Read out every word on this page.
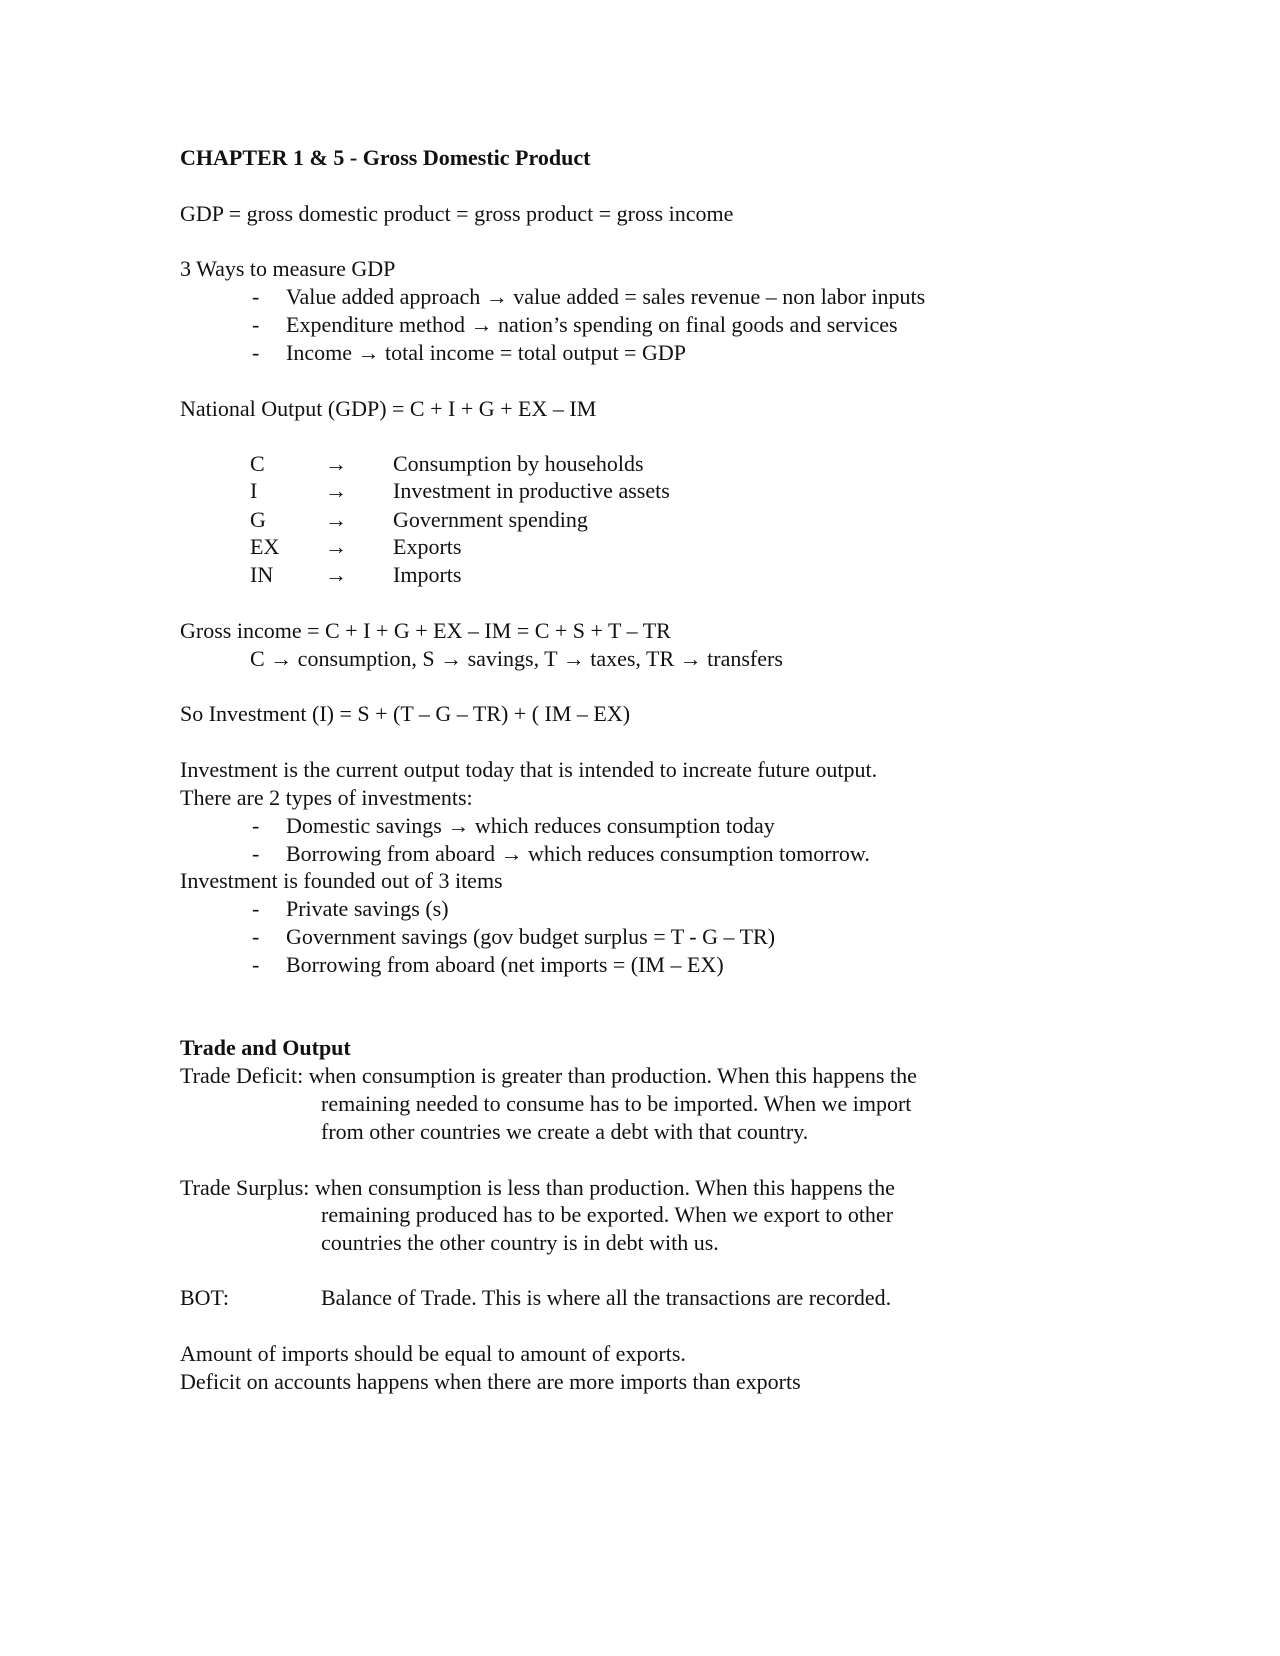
CHAPTER 1 & 5 - Gross Domestic Product
GDP = gross domestic product = gross product = gross income
3 Ways to measure GDP
- Value added approach → value added = sales revenue – non labor inputs
- Expenditure method → nation’s spending on final goods and services
- Income → total income = total output = GDP
National Output (GDP) = C + I + G + EX – IM
C	→ Consumption by households
I	→ Investment in productive assets
G	→ Government spending
EX → Exports
IN → Imports
Gross income = C + I + G + EX – IM = C + S + T – TR
C → consumption, S → savings, T → taxes, TR → transfers
So Investment (I) = S + (T – G – TR) + ( IM – EX)
Investment is the current output today that is intended to increate future output.
There are 2 types of investments:
- Domestic savings → which reduces consumption today
- Borrowing from aboard → which reduces consumption tomorrow.
Investment is founded out of 3 items
- Private savings (s)
- Government savings (gov budget surplus = T - G – TR)
- Borrowing from aboard (net imports = (IM – EX)
Trade and Output
Trade Deficit: when consumption is greater than production. When this happens the
remaining needed to consume has to be imported. When we import
from other countries we create a debt with that country.
Trade Surplus: when consumption is less than production. When this happens the
remaining produced has to be exported. When we export to other
countries the other country is in debt with us.
BOT:	Balance of Trade. This is where all the transactions are recorded.
Amount of imports should be equal to amount of exports.
Deficit on accounts happens when there are more imports than exports
